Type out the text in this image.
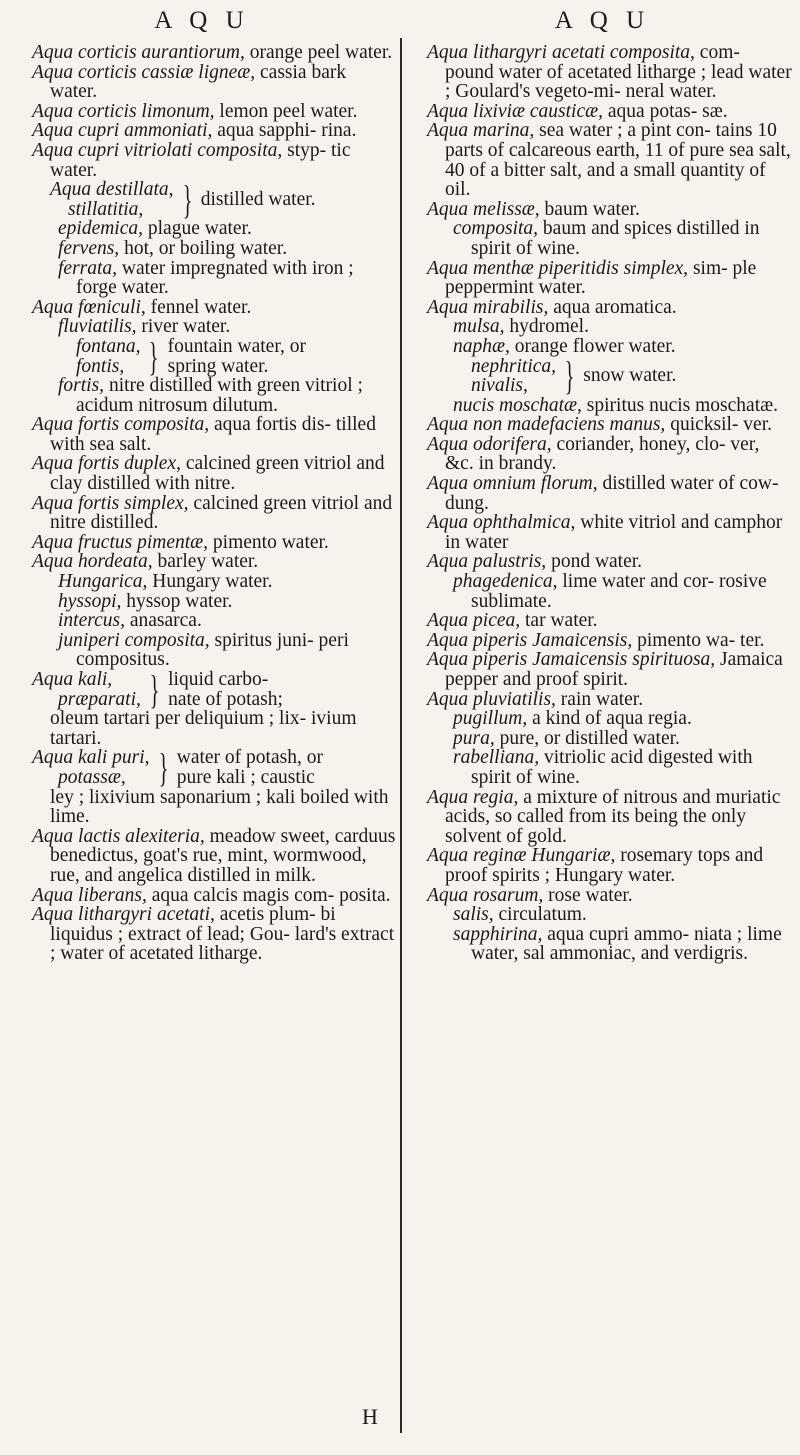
A Q U
Aqua corticis aurantiorum, orange peel water.
Aqua corticis cassiæ ligneæ, cassia bark water.
Aqua corticis limonum, lemon peel water.
Aqua cupri ammoniati, aqua sapphi- rina.
Aqua cupri vitriolati composita, styp- tic water.
Aqua destillata,
stillatitia, } distilled water.
epidemica, plague water.
fervens, hot, or boiling water.
ferrata, water impregnated with iron ; forge water.
Aqua fœniculi, fennel water.
fluviatilis, river water.
fontana,
fontis, } fountain water, or
spring water.
fortis, nitre distilled with green vitriol ; acidum nitrosum dilutum.
Aqua fortis composita, aqua fortis dis- tilled with sea salt.
Aqua fortis duplex, calcined green vitriol and clay distilled with nitre.
Aqua fortis simplex, calcined green vitriol and nitre distilled.
Aqua fructus pimentæ, pimento water.
Aqua hordeata, barley water.
Hungarica, Hungary water.
hyssopi, hyssop water.
intercus, anasarca.
juniperi composita, spiritus juni- peri compositus.
Aqua kali,
præparati, } liquid carbo-
nate of potash;
oleum tartari per deliquium ; lix- ivium tartari.
Aqua kali puri,
potassæ, } water of potash, or
pure kali ; caustic
ley ; lixivium saponarium ; kali boiled with lime.
Aqua lactis alexiteria, meadow sweet, carduus benedictus, goat's rue, mint, wormwood, rue, and angelica distilled in milk.
Aqua liberans, aqua calcis magis com- posita.
Aqua lithargyri acetati, acetis plum- bi liquidus ; extract of lead; Gou- lard's extract ; water of acetated litharge.
A Q U
Aqua lithargyri acetati composita, com- pound water of acetated litharge ; lead water ; Goulard's vegeto-mi- neral water.
Aqua lixiviæ causticæ, aqua potas- sæ.
Aqua marina, sea water ; a pint con- tains 10 parts of calcareous earth, 11 of pure sea salt, 40 of a bitter salt, and a small quantity of oil.
Aqua melissæ, baum water.
composita, baum and spices distilled in spirit of wine.
Aqua menthæ piperitidis simplex, sim- ple peppermint water.
Aqua mirabilis, aqua aromatica.
mulsa, hydromel.
naphæ, orange flower water.
nephritica,
nivalis, } snow water.
nucis moschatæ, spiritus nucis moschatæ.
Aqua non madefaciens manus, quicksil- ver.
Aqua odorifera, coriander, honey, clo- ver, &c. in brandy.
Aqua omnium florum, distilled water of cow-dung.
Aqua ophthalmica, white vitriol and camphor in water
Aqua palustris, pond water.
phagedenica, lime water and cor- rosive sublimate.
Aqua picea, tar water.
Aqua piperis Jamaicensis, pimento wa- ter.
Aqua piperis Jamaicensis spirituosa, Jamaica pepper and proof spirit.
Aqua pluviatilis, rain water.
pugillum, a kind of aqua regia.
pura, pure, or distilled water.
rabelliana, vitriolic acid digested with spirit of wine.
Aqua regia, a mixture of nitrous and muriatic acids, so called from its being the only solvent of gold.
Aqua reginæ Hungariæ, rosemary tops and proof spirits ; Hungary water.
Aqua rosarum, rose water.
salis, circulatum.
sapphirina, aqua cupri ammo- niata ; lime water, sal ammoniac, and verdigris.
H
